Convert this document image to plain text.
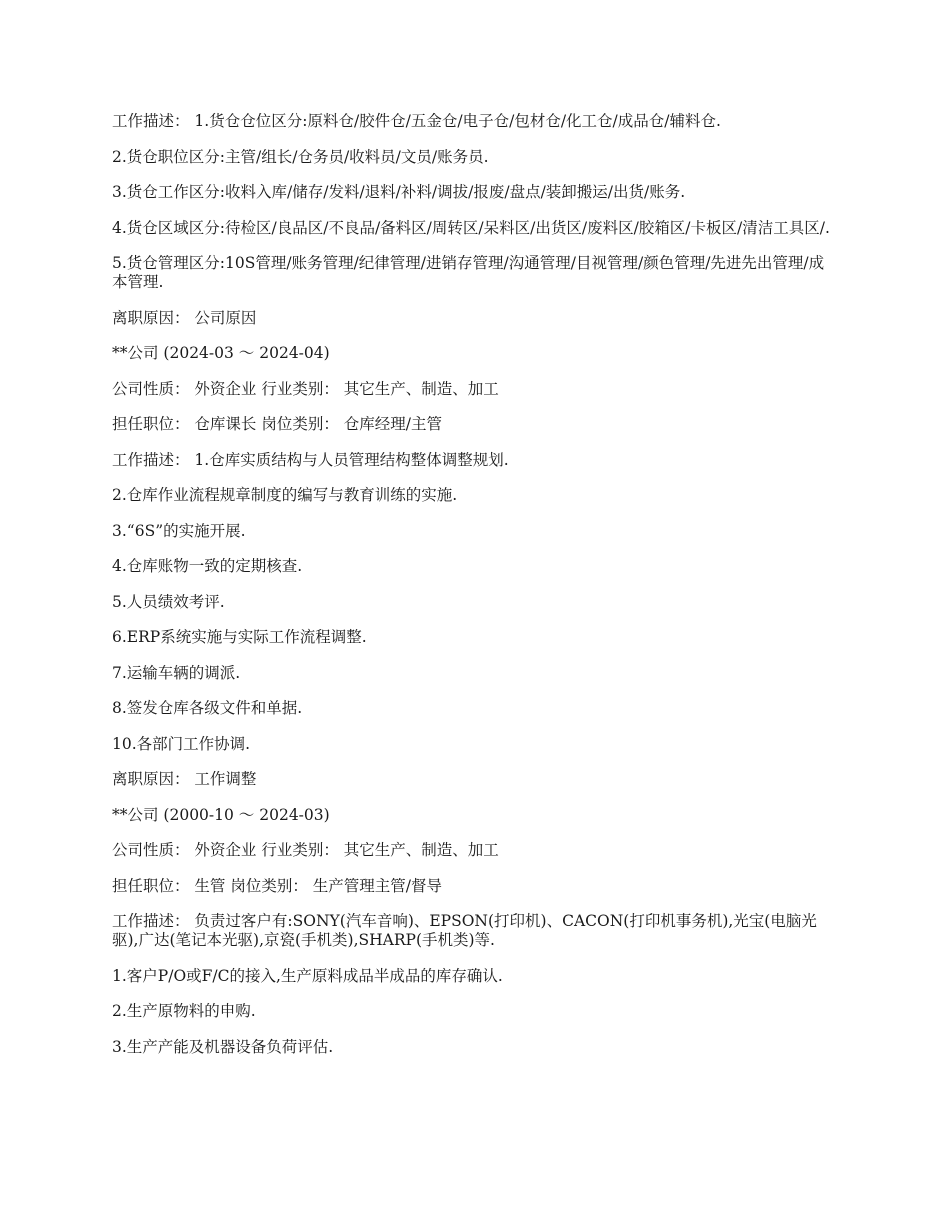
工作描述： 1.货仓仓位区分:原料仓/胶件仓/五金仓/电子仓/包材仓/化工仓/成品仓/辅料仓.

2.货仓职位区分:主管/组长/仓务员/收料员/文员/账务员.

3.货仓工作区分:收料入库/储存/发料/退料/补料/调拔/报废/盘点/装卸搬运/出货/账务.

4.货仓区域区分:待检区/良品区/不良品/备料区/周转区/呆料区/出货区/废料区/胶箱区/卡板区/清洁工具区/.

5.货仓管理区分:10S管理/账务管理/纪律管理/进销存管理/沟通管理/目视管理/颜色管理/先进先出管理/成本管理.

离职原因： 公司原因

**公司 (2024-03 ～ 2024-04)

公司性质： 外资企业 行业类别： 其它生产、制造、加工

担任职位： 仓库课长 岗位类别： 仓库经理/主管

工作描述： 1.仓库实质结构与人员管理结构整体调整规划.

2.仓库作业流程规章制度的编写与教育训练的实施.

3.“6S”的实施开展.

4.仓库账物一致的定期核查.

5.人员绩效考评.

6.ERP系统实施与实际工作流程调整.

7.运输车辆的调派.

8.签发仓库各级文件和单据.

10.各部门工作协调.

离职原因： 工作调整

**公司 (2000-10 ～ 2024-03)

公司性质： 外资企业 行业类别： 其它生产、制造、加工

担任职位： 生管 岗位类别： 生产管理主管/督导

工作描述： 负责过客户有:SONY(汽车音响)、EPSON(打印机)、CACON(打印机事务机),光宝(电脑光驱),广达(笔记本光驱),京瓷(手机类),SHARP(手机类)等.

1.客户P/O或F/C的接入,生产原料成品半成品的库存确认.

2.生产原物料的申购.

3.生产产能及机器设备负荷评估.
